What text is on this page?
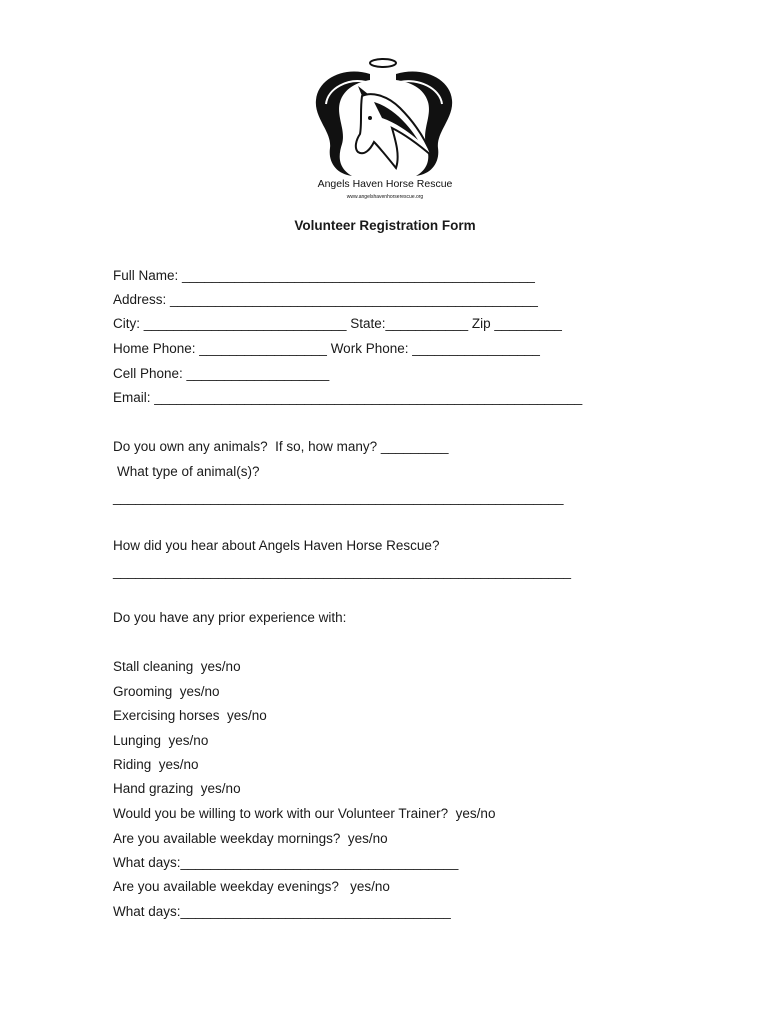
Angels Haven Horse Rescue
www.angelshavenhorserescue.org
Volunteer Registration Form
Full Name: _______________________________________________
Address: _________________________________________________
City: ___________________________ State:___________ Zip _________
Home Phone: _________________ Work Phone: _________________
Cell Phone: ___________________
Email: _________________________________________________________
Do you own any animals?  If so, how many? _________
What type of animal(s)?
____________________________________________________________
How did you hear about Angels Haven Horse Rescue?
_____________________________________________________________
Do you have any prior experience with:
Stall cleaning  yes/no
Grooming  yes/no
Exercising horses  yes/no
Lunging  yes/no
Riding  yes/no
Hand grazing  yes/no
Would you be willing to work with our Volunteer Trainer?  yes/no
Are you available weekday mornings?  yes/no
What days:_____________________________________
Are you available weekday evenings?   yes/no
What days:____________________________________
